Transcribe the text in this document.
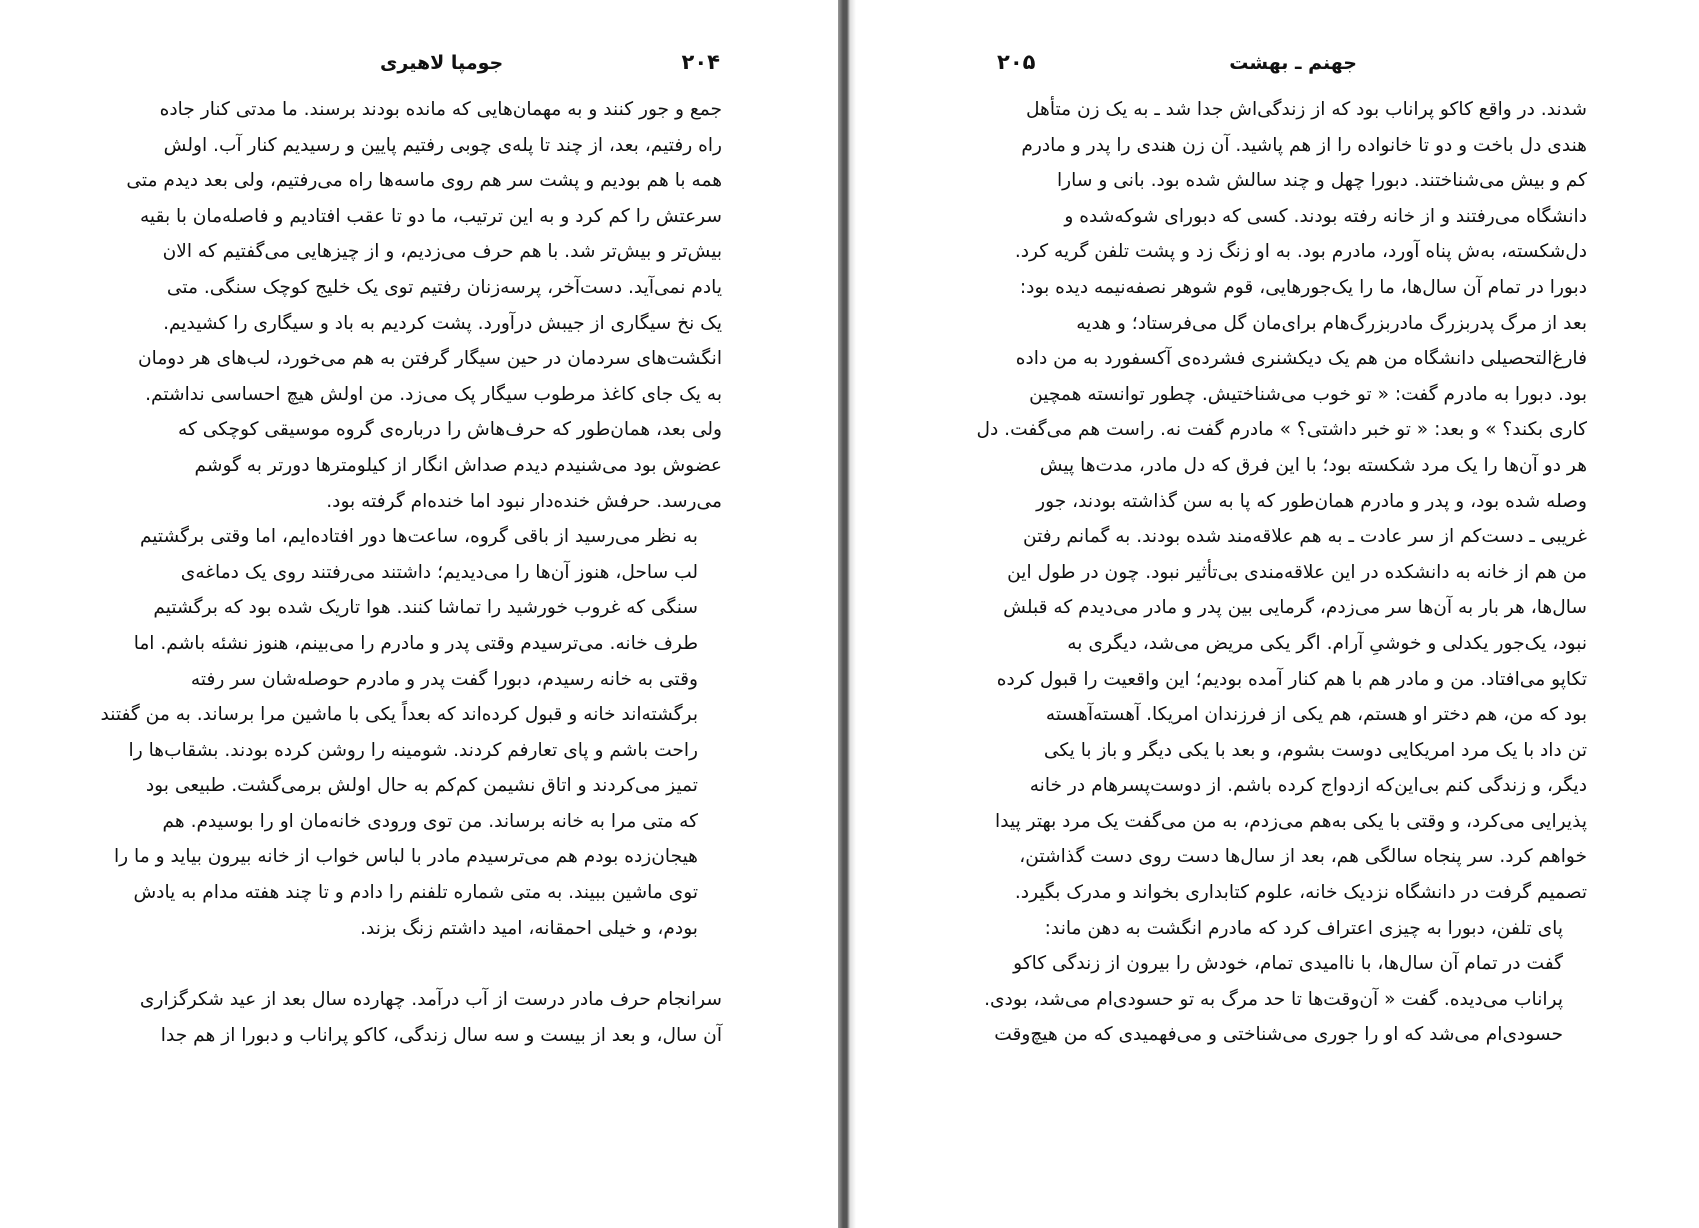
جومپا لاهیری	۲۰۴

جمع و جور کنند و به مهمان‌هایی که مانده بودند برسند. ما مدتی کنار جاده
راه رفتیم، بعد، از چند تا پله‌ی چوبی رفتیم پایین و رسیدیم کنار آب. اولش
همه با هم بودیم و پشت سر هم روی ماسه‌ها راه می‌رفتیم، ولی بعد دیدم متی
سرعتش را کم کرد و به این ترتیب، ما دو تا عقب افتادیم و فاصله‌مان با بقیه
بیش‌تر و بیش‌تر شد. با هم حرف می‌زدیم، و از چیزهایی می‌گفتیم که الان
یادم نمی‌آید. دست‌آخر، پرسه‌زنان رفتیم توی یک خلیج کوچک سنگی. متی
یک نخ سیگاری از جیبش درآورد. پشت کردیم به باد و سیگاری را کشیدیم.
انگشت‌های سردمان در حین سیگار گرفتن به هم می‌خورد، لب‌های هر دومان
به یک جای کاغذ مرطوب سیگار پک می‌زد. من اولش هیچ احساسی نداشتم.
ولی بعد، همان‌طور که حرف‌هاش را درباره‌ی گروه موسیقی کوچکی که
عضوش بود می‌شنیدم دیدم صداش انگار از کیلومترها دورتر به گوشم
می‌رسد. حرفش خنده‌دار نبود اما خنده‌ام گرفته بود.

به نظر می‌رسید از باقی گروه، ساعت‌ها دور افتاده‌ایم، اما وقتی برگشتیم
لب ساحل، هنوز آن‌ها را می‌دیدیم؛ داشتند می‌رفتند روی یک دماغه‌ی
سنگی که غروب خورشید را تماشا کنند. هوا تاریک شده بود که برگشتیم
طرف خانه. می‌ترسیدم وقتی پدر و مادرم را می‌بینم، هنوز نشئه باشم. اما
وقتی به خانه رسیدم، دبورا گفت پدر و مادرم حوصله‌شان سر رفته
برگشته‌اند خانه و قبول کرده‌اند که بعداً یکی با ماشین مرا برساند. به من گفتند
راحت باشم و پای تعارفم کردند. شومینه را روشن کرده بودند. بشقاب‌ها را
تمیز می‌کردند و اتاق نشیمن کم‌کم به حال اولش برمی‌گشت. طبیعی بود
که متی مرا به خانه برساند. من توی ورودی خانه‌مان او را بوسیدم. هم
هیجان‌زده بودم هم می‌ترسیدم مادر با لباس خواب از خانه بیرون بیاید و ما را
توی ماشین ببیند. به متی شماره تلفنم را دادم و تا چند هفته مدام به یادش
بودم، و خیلی احمقانه، امید داشتم زنگ بزند.

سرانجام حرف مادر درست از آب درآمد. چهارده سال بعد از عید شکرگزاری
آن سال، و بعد از بیست و سه سال زندگی، کاکو پراناب و دبورا از هم جدا

جهنم ـ بهشت
۲۰۵

شدند. در واقع کاکو پراناب بود که از زندگی‌اش جدا شد ـ به یک زن متأهل
هندی دل باخت و دو تا خانواده را از هم پاشید. آن زن هندی را پدر و مادرم
کم و بیش می‌شناختند. دبورا چهل و چند سالش شده بود. بانی و سارا
دانشگاه می‌رفتند و از خانه رفته بودند. کسی که دبورای شوکه‌شده و
دل‌شکسته، به‌ش پناه آورد، مادرم بود. به او زنگ زد و پشت تلفن گریه کرد.
دبورا در تمام آن سال‌ها، ما را یک‌جورهایی، قوم شوهر نصفه‌نیمه دیده بود:
بعد از مرگ پدربزرگ مادربزرگ‌هام برای‌مان گل می‌فرستاد؛ و هدیه
فارغ‌التحصیلی دانشگاه من هم یک دیکشنری فشرده‌ی آکسفورد به من داده
بود. دبورا به مادرم گفت: « تو خوب می‌شناختیش. چطور توانسته همچین
کاری بکند؟ » و بعد: « تو خبر داشتی؟ » مادرم گفت نه. راست هم می‌گفت. دل
هر دو آن‌ها را یک مرد شکسته بود؛ با این فرق که دل مادر، مدت‌ها پیش
وصله شده بود، و پدر و مادرم همان‌طور که پا به سن گذاشته بودند، جور
غریبی ـ دست‌کم از سر عادت ـ به هم علاقه‌مند شده بودند. به گمانم رفتن
من هم از خانه به دانشکده در این علاقه‌مندی بی‌تأثیر نبود. چون در طول این
سال‌ها، هر بار به آن‌ها سر می‌زدم، گرمایی بین پدر و مادر می‌دیدم که قبلش
نبود، یک‌جور یکدلی و خوشیِ آرام. اگر یکی مریض می‌شد، دیگری به
تکاپو می‌افتاد. من و مادر هم با هم کنار آمده بودیم؛ این واقعیت را قبول کرده
بود که من، هم دختر او هستم، هم یکی از فرزندان امریکا. آهسته‌آهسته
تن داد با یک مرد امریکایی دوست بشوم، و بعد با یکی دیگر و باز با یکی
دیگر، و زندگی کنم بی‌این‌که ازدواج کرده باشم. از دوست‌پسرهام در خانه
پذیرایی می‌کرد، و وقتی با یکی به‌هم می‌زدم، به من می‌گفت یک مرد بهتر پیدا
خواهم کرد. سر پنجاه سالگی هم، بعد از سال‌ها دست روی دست گذاشتن،
تصمیم گرفت در دانشگاه نزدیک خانه، علوم کتابداری بخواند و مدرک بگیرد.

پای تلفن، دبورا به چیزی اعتراف کرد که مادرم انگشت به دهن ماند:
گفت در تمام آن سال‌ها، با ناامیدی تمام، خودش را بیرون از زندگی کاکو
پراناب می‌دیده. گفت « آن‌وقت‌ها تا حد مرگ به تو حسودی‌ام می‌شد، بودی.
حسودی‌ام می‌شد که او را جوری می‌شناختی و می‌فهمیدی که من هیچ‌وقت
